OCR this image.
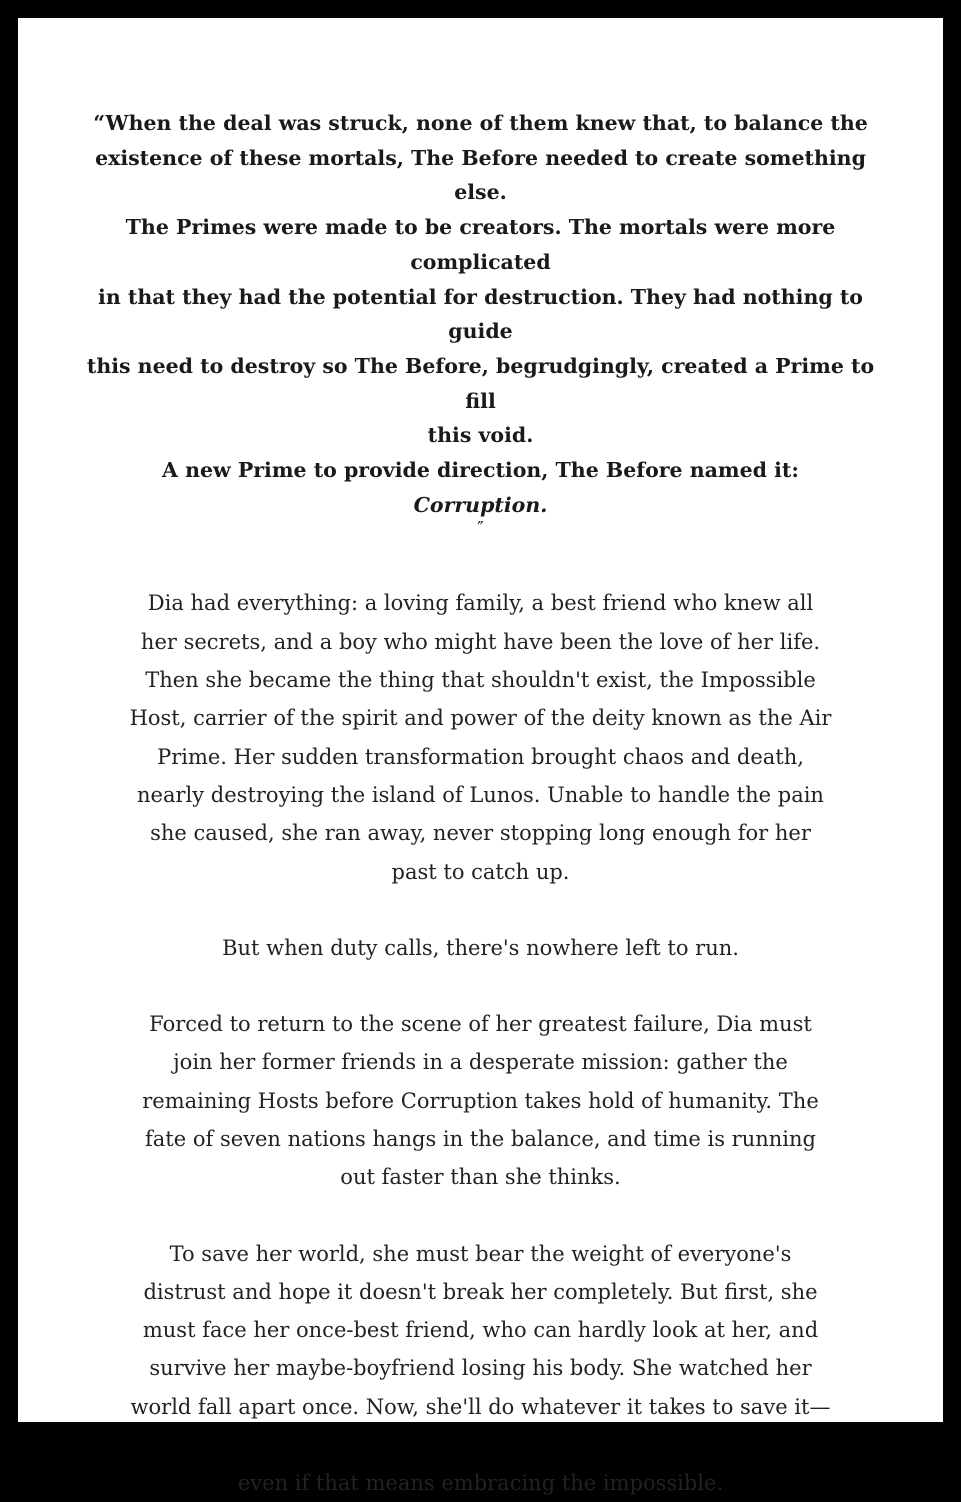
“When the deal was struck, none of them knew that, to balance the
existence of these mortals, The Before needed to create something else.
The Primes were made to be creators. The mortals were more complicated
in that they had the potential for destruction. They had nothing to guide
this need to destroy so The Before, begrudgingly, created a Prime to fill
this void.
A new Prime to provide direction, The Before named it:
Corruption.
″
Dia had everything: a loving family, a best friend who knew all
her secrets, and a boy who might have been the love of her life.
Then she became the thing that shouldn't exist, the Impossible
Host, carrier of the spirit and power of the deity known as the Air
Prime. Her sudden transformation brought chaos and death,
nearly destroying the island of Lunos. Unable to handle the pain
she caused, she ran away, never stopping long enough for her
past to catch up.
But when duty calls, there's nowhere left to run.
Forced to return to the scene of her greatest failure, Dia must
join her former friends in a desperate mission: gather the
remaining Hosts before Corruption takes hold of humanity. The
fate of seven nations hangs in the balance, and time is running
out faster than she thinks.
To save her world, she must bear the weight of everyone's
distrust and hope it doesn't break her completely. But first, she
must face her once-best friend, who can hardly look at her, and
survive her maybe-boyfriend losing his body. She watched her
world fall apart once. Now, she'll do whatever it takes to save it—
even if that means embracing the impossible.
